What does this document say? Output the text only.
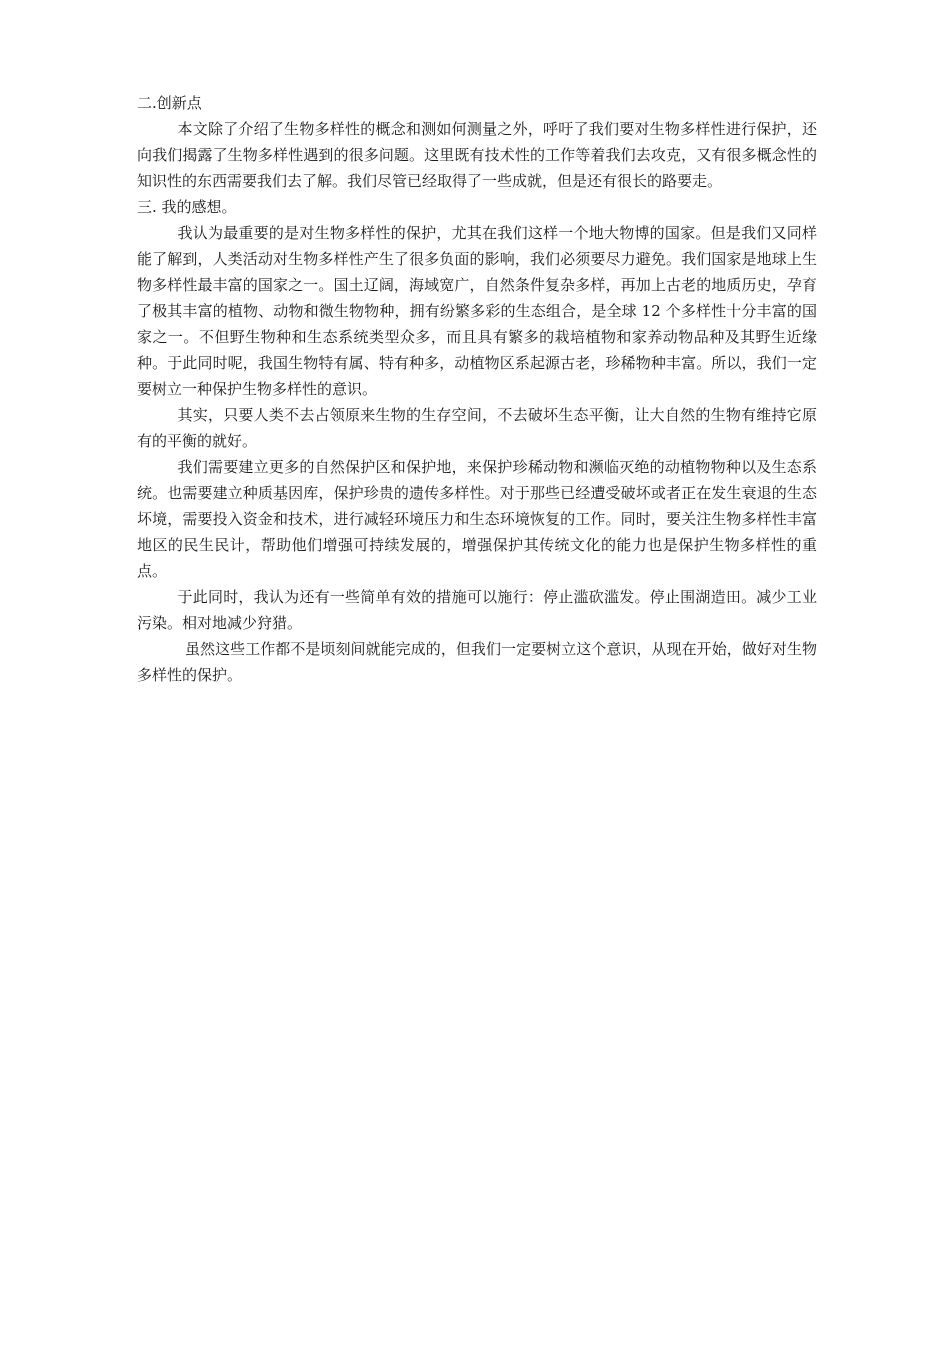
二.创新点

本文除了介绍了生物多样性的概念和测如何测量之外，呼吁了我们要对生物多样性进行保护，还向我们揭露了生物多样性遇到的很多问题。这里既有技术性的工作等着我们去攻克，又有很多概念性的知识性的东西需要我们去了解。我们尽管已经取得了一些成就，但是还有很长的路要走。

三. 我的感想。

我认为最重要的是对生物多样性的保护，尤其在我们这样一个地大物博的国家。但是我们又同样能了解到，人类活动对生物多样性产生了很多负面的影响，我们必须要尽力避免。我们国家是地球上生物多样性最丰富的国家之一。国土辽阔，海域宽广，自然条件复杂多样，再加上古老的地质历史，孕育了极其丰富的植物、动物和微生物物种，拥有纷繁多彩的生态组合，是全球 12 个多样性十分丰富的国家之一。不但野生物种和生态系统类型众多，而且具有繁多的栽培植物和家养动物品种及其野生近缘种。于此同时呢，我国生物特有属、特有种多，动植物区系起源古老，珍稀物种丰富。所以，我们一定要树立一种保护生物多样性的意识。

其实，只要人类不去占领原来生物的生存空间，不去破坏生态平衡，让大自然的生物有维持它原有的平衡的就好。

我们需要建立更多的自然保护区和保护地，来保护珍稀动物和濒临灭绝的动植物物种以及生态系统。也需要建立种质基因库，保护珍贵的遗传多样性。对于那些已经遭受破坏或者正在发生衰退的生态坏境，需要投入资金和技术，进行减轻环境压力和生态环境恢复的工作。同时，要关注生物多样性丰富地区的民生民计，帮助他们增强可持续发展的，增强保护其传统文化的能力也是保护生物多样性的重点。

于此同时，我认为还有一些简单有效的措施可以施行：停止滥砍滥发。停止围湖造田。减少工业污染。相对地减少狩猎。

虽然这些工作都不是顷刻间就能完成的，但我们一定要树立这个意识，从现在开始，做好对生物多样性的保护。
